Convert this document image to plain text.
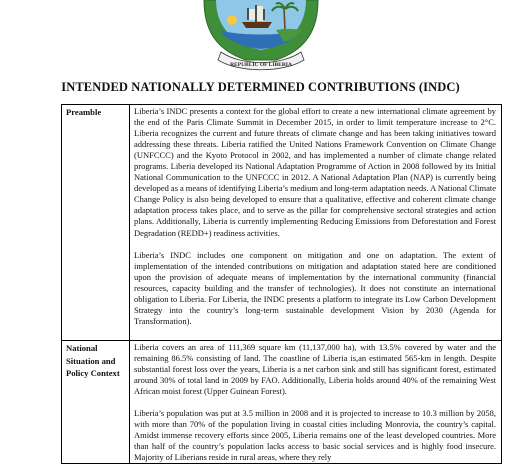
REPUBLIC OF LIBERIA
INTENDED NATIONALLY DETERMINED CONTRIBUTIONS (INDC)
Preamble	Liberia’s INDC presents a context for the global effort to create a new international climate agreement by the end of the Paris Climate Summit in December 2015, in order to limit temperature increase to 2°C. Liberia recognizes the current and future threats of climate change and has been taking initiatives toward addressing these threats. Liberia ratified the United Nations Framework Convention on Climate Change (UNFCCC) and the Kyoto Protocol in 2002, and has implemented a number of climate change related programs. Liberia developed its National Adaptation Programme of Action in 2008 followed by its Initial National Communication to the UNFCCC in 2012. A National Adaptation Plan (NAP) is currently being developed as a means of identifying Liberia’s medium and long-term adaptation needs. A National Climate Change Policy is also being developed to ensure that a qualitative, effective and coherent climate change adaptation process takes place, and to serve as the pillar for comprehensive sectoral strategies and action plans. Additionally, Liberia is currently implementing Reducing Emissions from Deforestation and Forest Degradation (REDD+) readiness activities.

Liberia’s INDC includes one component on mitigation and one on adaptation. The extent of implementation of the intended contributions on mitigation and adaptation stated here are conditioned upon the provision of adequate means of implementation by the international community (financial resources, capacity building and the transfer of technologies). It does not constitute an international obligation to Liberia. For Liberia, the INDC presents a platform to integrate its Low Carbon Development Strategy into the country’s long-term sustainable development Vision by 2030 (Agenda for Transformation).

National
Situation and
Policy Context

Liberia covers an area of 111,369 square km (11,137,000 ha), with 13.5% covered by water and the remaining 86.5% consisting of land. The coastline of Liberia is,an estimated 565-km in length. Despite substantial forest loss over the years, Liberia is a net carbon sink and still has significant forest, estimated around 30% of total land in 2009 by FAO. Additionally, Liberia holds around 40% of the remaining West African moist forest (Upper Guinean Forest).

Liberia’s population was put at 3.5 million in 2008 and it is projected to increase to 10.3 million by 2058, with more than 70% of the population living in coastal cities including Monrovia, the country’s capital. Amidst immense recovery efforts since 2005, Liberia remains one of the least developed countries. More than half of the country’s population lacks access to basic social services and is highly food insecure. Majority of Liberians reside in rural areas, where they rely
